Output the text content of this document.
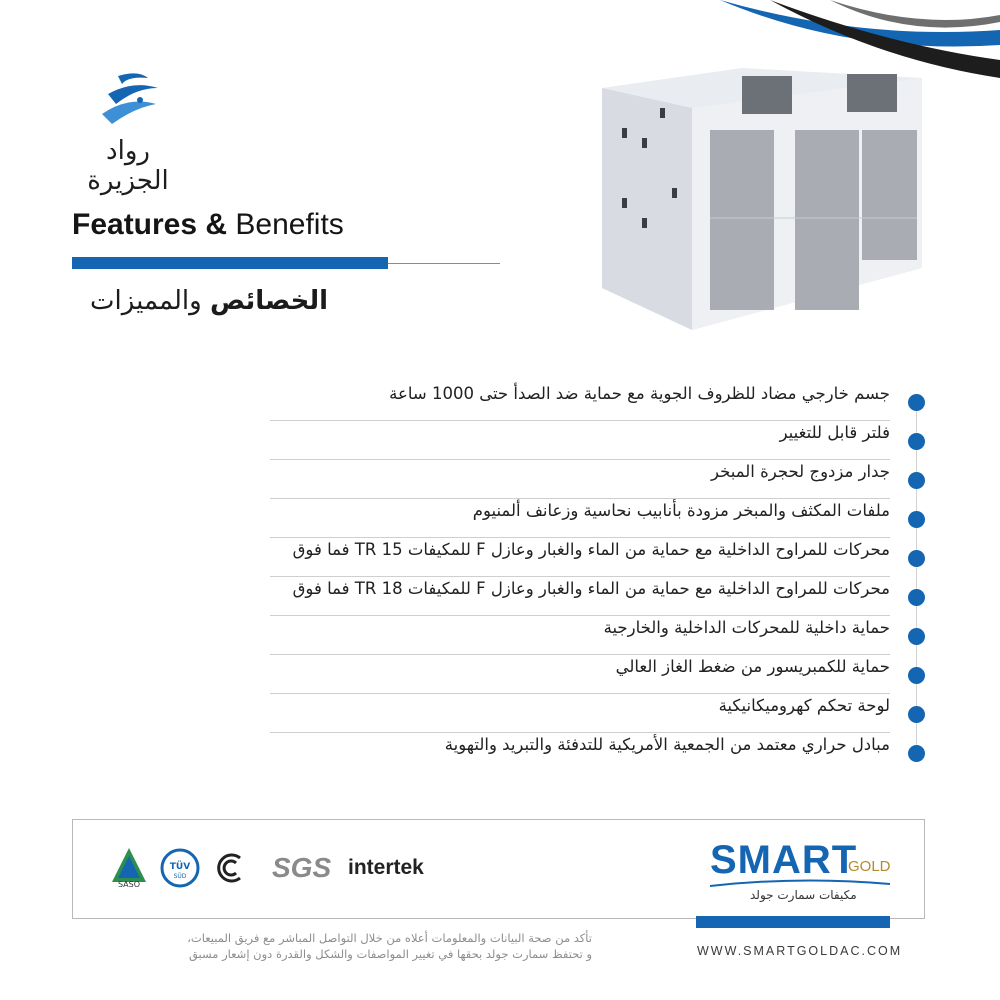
رواد الجزيرة
Features & Benefits
الخصائص والمميزات
جسم خارجي مضاد للظروف الجوية مع حماية ضد الصدأ حتى 1000 ساعة
فلتر قابل للتغيير
جدار مزدوج لحجرة المبخر
ملفات المكثف والمبخر مزودة بأنابيب نحاسية وزعانف ألمنيوم
محركات للمراوح الداخلية مع حماية من الماء والغبار وعازل F للمكيفات 15 TR فما فوق
محركات للمراوح الداخلية مع حماية من الماء والغبار وعازل F للمكيفات 18 TR فما فوق
حماية داخلية للمحركات الداخلية والخارجية
حماية للكمبريسور من ضغط الغاز العالي
لوحة تحكم كهروميكانيكية
مبادل حراري معتمد من الجمعية الأمريكية للتدفئة والتبريد والتهوية
SASO
TÜV
SÜD	SGS intertek	SMART
GOLD
مكيفات سمارت جولد
WWW.SMARTGOLDAC.COM
تأكد من صحة البيانات والمعلومات أعلاه من خلال التواصل المباشر مع فريق المبيعات،
و تحتفظ سمارت جولد بحقها في تغيير المواصفات والشكل والقدرة دون إشعار مسبق
